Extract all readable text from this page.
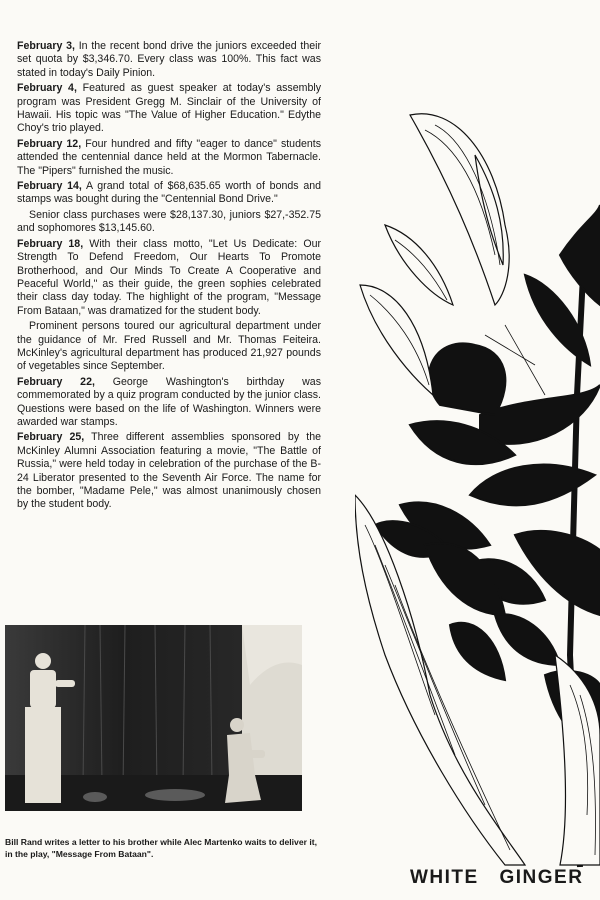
February 3, In the recent bond drive the juniors exceeded their set quota by $3,346.70. Every class was 100%. This fact was stated in today's Daily Pinion.

February 4, Featured as guest speaker at today's assembly program was President Gregg M. Sinclair of the University of Hawaii. His topic was "The Value of Higher Education." Edythe Choy's trio played.

February 12, Four hundred and fifty "eager to dance" students attended the centennial dance held at the Mormon Tabernacle. The "Pipers" furnished the music.

February 14, A grand total of $68,635.65 worth of bonds and stamps was bought during the "Centennial Bond Drive."

Senior class purchases were $28,137.30, juniors $27,-352.75 and sophomores $13,145.60.

February 18, With their class motto, "Let Us Dedicate: Our Strength To Defend Freedom, Our Hearts To Promote Brotherhood, and Our Minds To Create A Cooperative and Peaceful World," as their guide, the green sophies celebrated their class day today. The highlight of the program, "Message From Bataan," was dramatized for the student body.

Prominent persons toured our agricultural department under the guidance of Mr. Fred Russell and Mr. Thomas Feiteira. McKinley's agricultural department has produced 21,927 pounds of vegetables since September.

February 22, George Washington's birthday was commemorated by a quiz program conducted by the junior class. Questions were based on the life of Washington. Winners were awarded war stamps.

February 25, Three different assemblies sponsored by the McKinley Alumni Association featuring a movie, "The Battle of Russia," were held today in celebration of the purchase of the B-24 Liberator presented to the Seventh Air Force. The name for the bomber, "Madame Pele," was almost unanimously chosen by the student body.

Bill Rand writes a letter to his brother while Alec Martenko waits to deliver it, in the play, "Message From Bataan".
WHITE GINGER
